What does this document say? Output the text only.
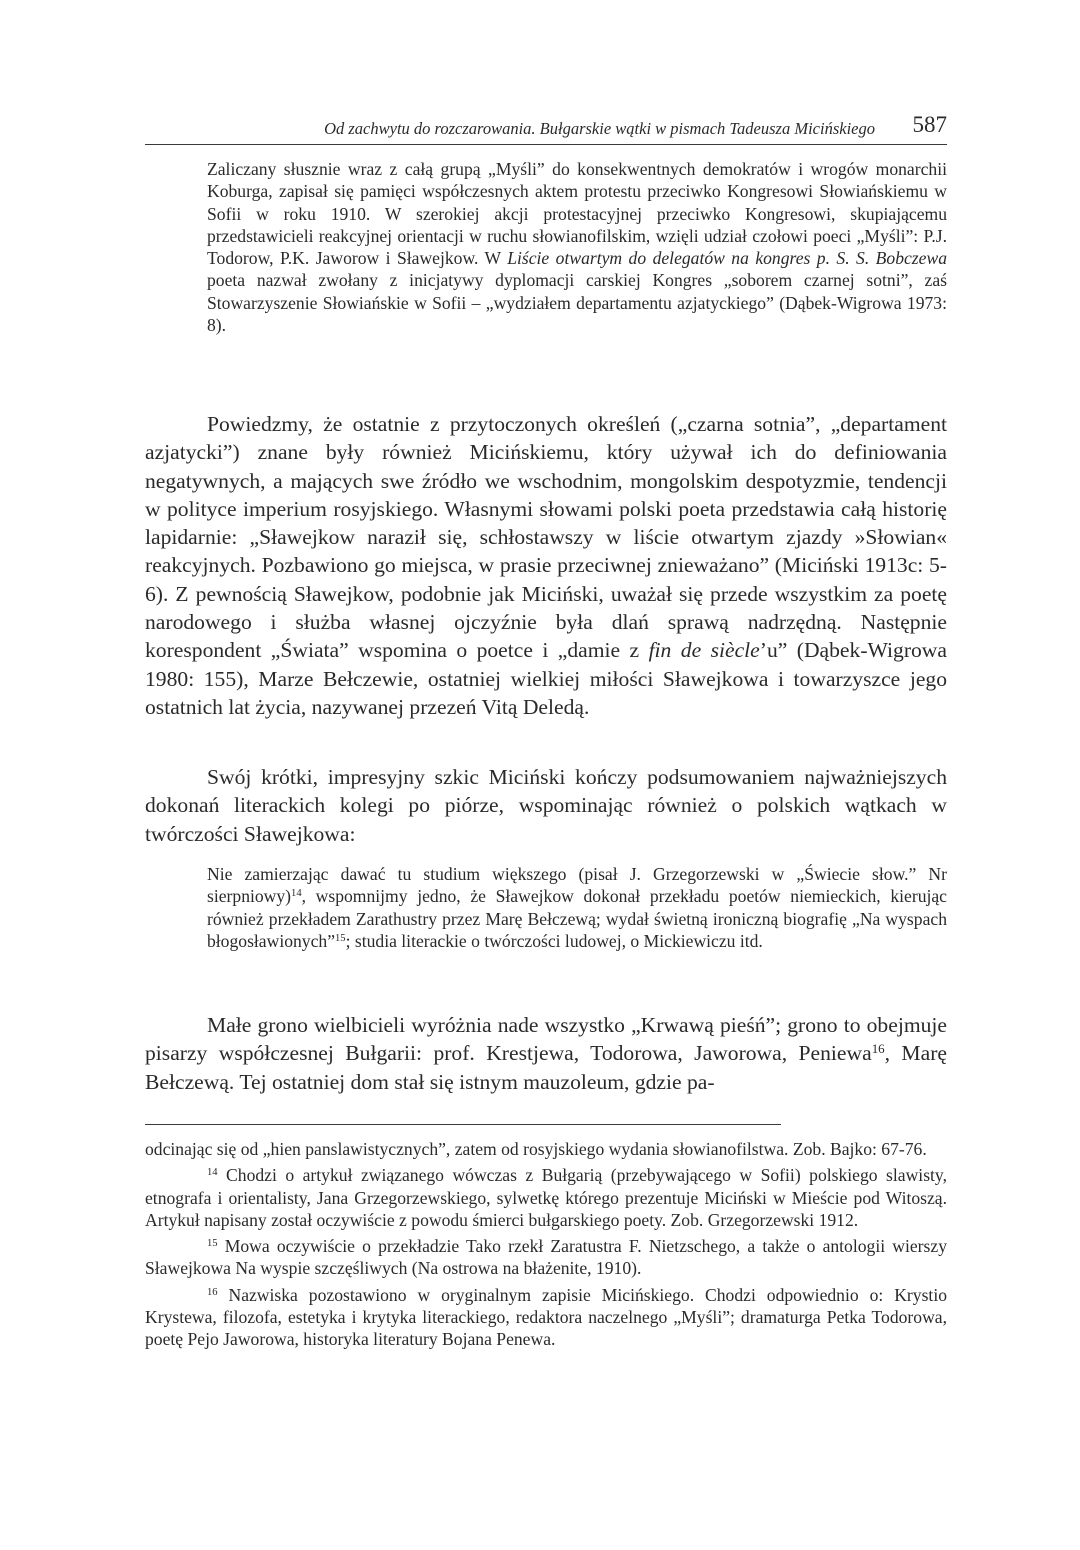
Od zachwytu do rozczarowania. Bułgarskie wątki w pismach Tadeusza Micińskiego 587

Zaliczany słusznie wraz z całą grupą „Myśli” do konsekwentnych demokratów i wrogów monarchii Koburga, zapisał się pamięci współczesnych aktem protestu przeciwko Kongresowi Słowiańskiemu w Sofii w roku 1910. W szerokiej akcji protestacyjnej przeciwko Kongresowi, skupiającemu przedstawicieli reakcyjnej orientacji w ruchu słowianofilskim, wzięli udział czołowi poeci „Myśli”: P.J. Todorow, P.K. Jaworow i Sławejkow. W Liście otwartym do delegatów na kongres p. S. S. Bobczewa poeta nazwał zwołany z inicjatywy dyplomacji carskiej Kongres „soborem czarnej sotni”, zaś Stowarzyszenie Słowiańskie w Sofii – „wydziałem departamentu azjatyckiego” (Dąbek-Wigrowa 1973: 8).

Powiedzmy, że ostatnie z przytoczonych określeń („czarna sotnia”, „departament azjatycki”) znane były również Micińskiemu, który używał ich do definiowania negatywnych, a mających swe źródło we wschodnim, mongolskim despotyzmie, tendencji w polityce imperium rosyjskiego. Własnymi słowami polski poeta przedstawia całą historię lapidarnie: „Sławejkow naraził się, schłostawszy w liście otwartym zjazdy »Słowian« reakcyjnych. Pozbawiono go miejsca, w prasie przeciwnej znieważano” (Miciński 1913c: 5-6). Z pewnością Sławejkow, podobnie jak Miciński, uważał się przede wszystkim za poetę narodowego i służba własnej ojczyźnie była dlań sprawą nadrzędną. Następnie korespondent „Świata” wspomina o poetce i „damie z fin de siècle’u” (Dąbek-Wigrowa 1980: 155), Marze Bełczewie, ostatniej wielkiej miłości Sławejkowa i towarzyszce jego ostatnich lat życia, nazywanej przezeń Vitą Deledą.

Swój krótki, impresyjny szkic Miciński kończy podsumowaniem najważniejszych dokonań literackich kolegi po piórze, wspominając również o polskich wątkach w twórczości Sławejkowa:

Nie zamierzając dawać tu studium większego (pisał J. Grzegorzewski w „Świecie słow.” Nr sierpniowy)$^{14}$, wspomnijmy jedno, że Sławejkow dokonał przekładu poetów niemieckich, kierując również przekładem Zarathustry przez Marę Bełczewą; wydał świetną ironiczną biografię „Na wyspach błogosławionych”$^{15}$; studia literackie o twórczości ludowej, o Mickiewiczu itd.

Małe grono wielbicieli wyróżnia nade wszystko „Krwawą pieśń”; grono to obejmuje pisarzy współczesnej Bułgarii: prof. Krestjewa, Todorowa, Jaworowa, Peniewa$^{16}$, Marę Bełczewą. Tej ostatniej dom stał się istnym mauzoleum, gdzie pa-

odcinając się od „hien panslawistycznych”, zatem od rosyjskiego wydania słowianofilstwa. Zob. Bajko: 67-76.

$^{14}$ Chodzi o artykuł związanego wówczas z Bułgarią (przebywającego w Sofii) polskiego slawisty, etnografa i orientalisty, Jana Grzegorzewskiego, sylwetkę którego prezentuje Miciński w Mieście pod Witoszą. Artykuł napisany został oczywiście z powodu śmierci bułgarskiego poety. Zob. Grzegorzewski 1912.

$^{15}$ Mowa oczywiście o przekładzie Tako rzekł Zaratustra F. Nietzschego, a także o antologii wierszy Sławejkowa Na wyspie szczęśliwych (Na ostrowa na błażenite, 1910).

$^{16}$ Nazwiska pozostawiono w oryginalnym zapisie Micińskiego. Chodzi odpowiednio o: Krystio Krystewa, filozofa, estetyka i krytyka literackiego, redaktora naczelnego „Myśli”; dramaturga Petka Todorowa, poetę Pejo Jaworowa, historyka literatury Bojana Penewa.
